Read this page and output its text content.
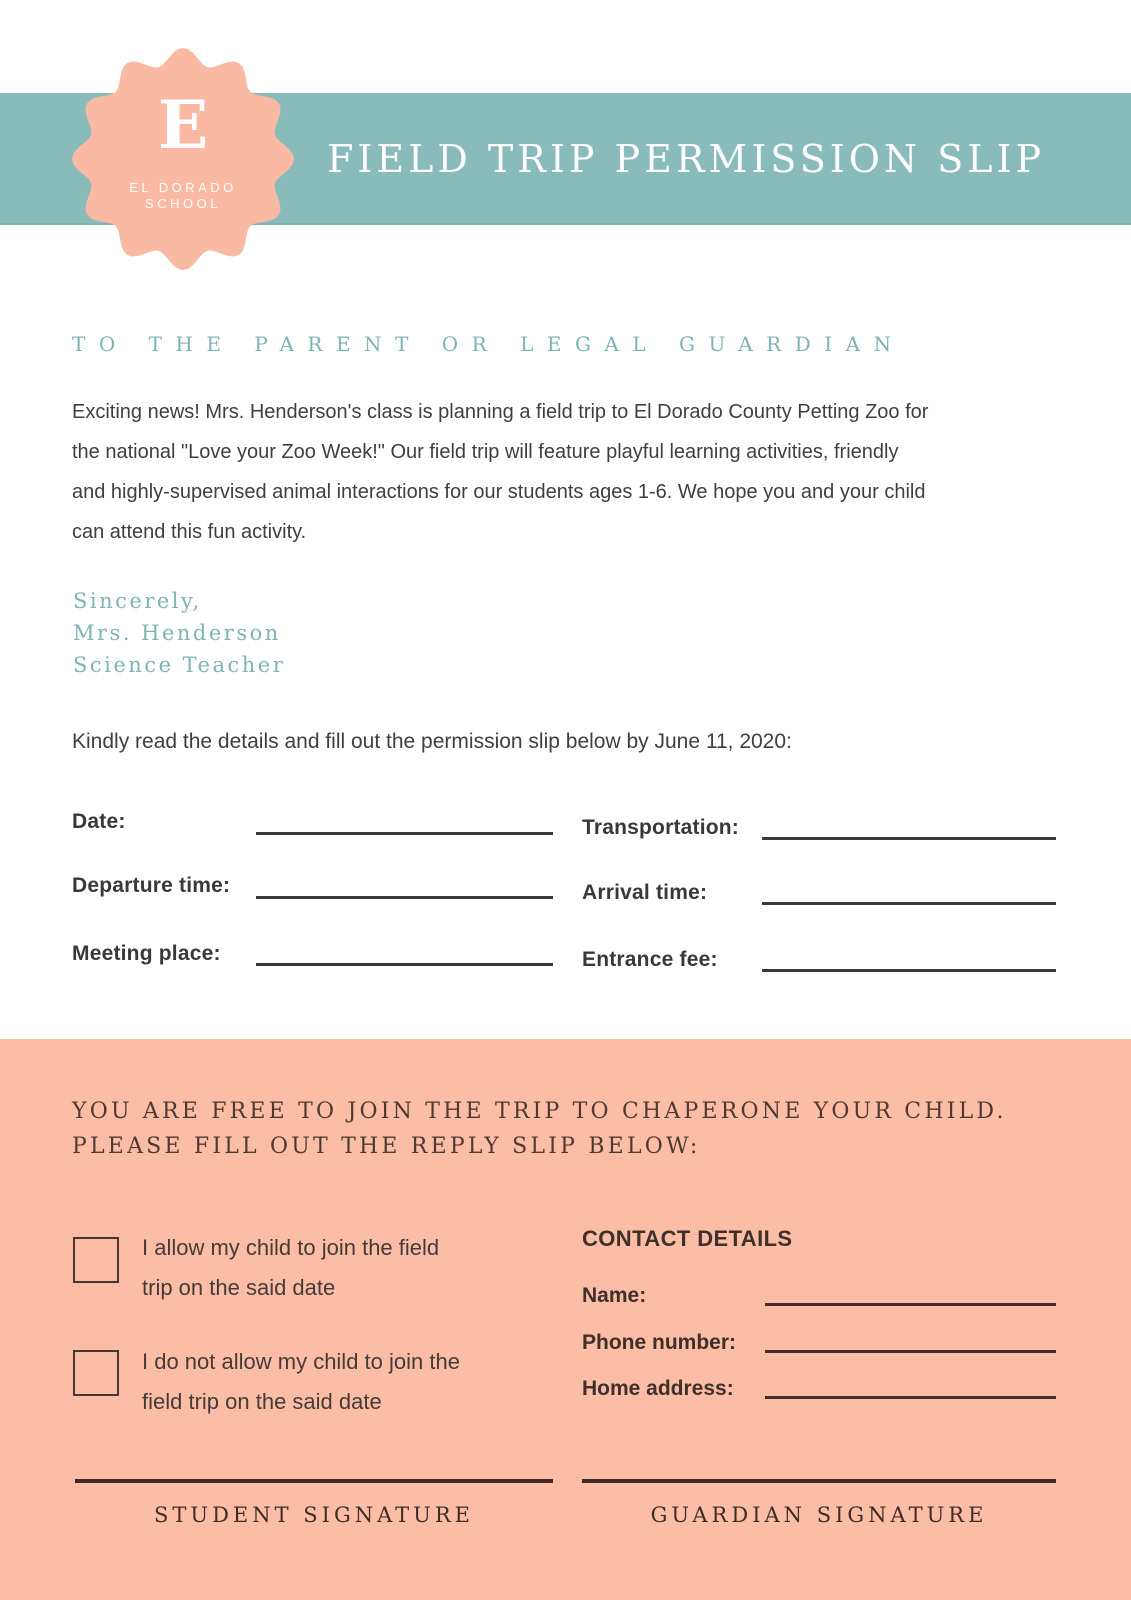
FIELD TRIP PERMISSION SLIP
E
EL DORADO
SCHOOL
TO THE PARENT OR LEGAL GUARDIAN
Exciting news! Mrs. Henderson's class is planning a field trip to El Dorado County Petting Zoo for
the national "Love your Zoo Week!" Our field trip will feature playful learning activities, friendly
and highly-supervised animal interactions for our students ages 1-6. We hope you and your child
can attend this fun activity.
Sincerely,
Mrs. Henderson
Science Teacher
Kindly read the details and fill out the permission slip below by June 11, 2020:
Date:
Departure time:
Meeting place:
Transportation:
Arrival time:
Entrance fee:
YOU ARE FREE TO JOIN THE TRIP TO CHAPERONE YOUR CHILD.
PLEASE FILL OUT THE REPLY SLIP BELOW:
I allow my child to join the field
trip on the said date
I do not allow my child to join the
field trip on the said date
CONTACT DETAILS
Name:
Phone number:
Home address:
STUDENT SIGNATURE	GUARDIAN SIGNATURE
